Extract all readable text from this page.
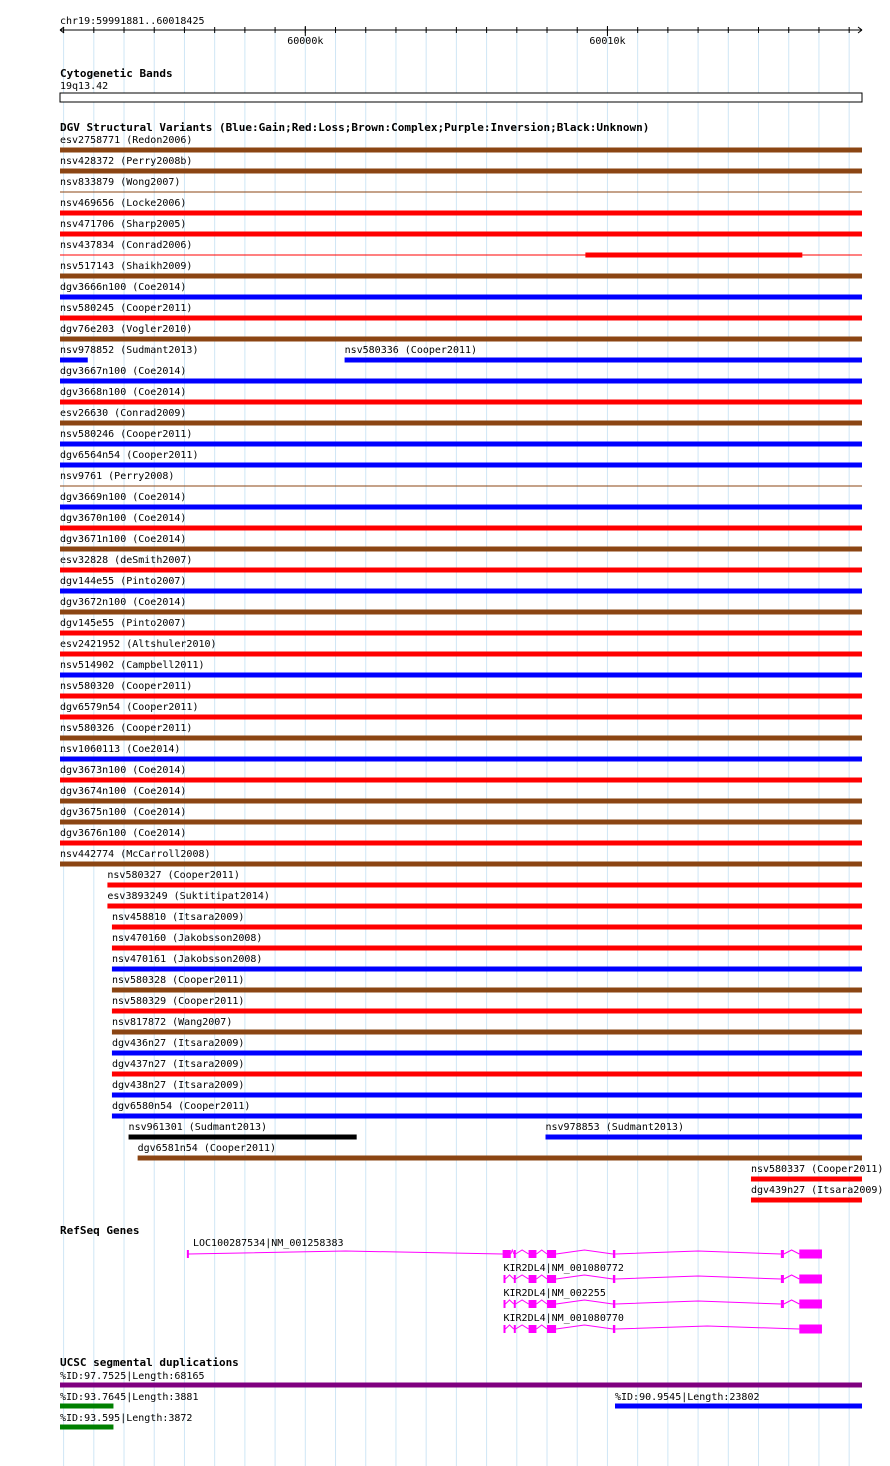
chr19:59991881..60018425
60000k	60010k
Cytogenetic Bands
19q13.42
DGV Structural Variants (Blue:Gain;Red:Loss;Brown:Complex;Purple:Inversion;Black:Unknown)
esv2758771 (Redon2006)
nsv428372 (Perry2008b)
nsv833879 (Wong2007)
nsv469656 (Locke2006)
nsv471706 (Sharp2005)
nsv437834 (Conrad2006)
nsv517143 (Shaikh2009)
dgv3666n100 (Coe2014)
nsv580245 (Cooper2011)
dgv76e203 (Vogler2010)
nsv978852 (Sudmant2013)	nsv580336 (Cooper2011)
dgv3667n100 (Coe2014)
dgv3668n100 (Coe2014)
esv26630 (Conrad2009)
nsv580246 (Cooper2011)
dgv6564n54 (Cooper2011)
nsv9761 (Perry2008)
dgv3669n100 (Coe2014)
dgv3670n100 (Coe2014)
dgv3671n100 (Coe2014)
esv32828 (deSmith2007)
dgv144e55 (Pinto2007)
dgv3672n100 (Coe2014)
dgv145e55 (Pinto2007)
esv2421952 (Altshuler2010)
nsv514902 (Campbell2011)
nsv580320 (Cooper2011)
dgv6579n54 (Cooper2011)
nsv580326 (Cooper2011)
nsv1060113 (Coe2014)
dgv3673n100 (Coe2014)
dgv3674n100 (Coe2014)
dgv3675n100 (Coe2014)
dgv3676n100 (Coe2014)
nsv442774 (McCarroll2008)
nsv580327 (Cooper2011)
esv3893249 (Suktitipat2014)
nsv458810 (Itsara2009)
nsv470160 (Jakobsson2008)
nsv470161 (Jakobsson2008)
nsv580328 (Cooper2011)
nsv580329 (Cooper2011)
nsv817872 (Wang2007)
dgv436n27 (Itsara2009)
dgv437n27 (Itsara2009)
dgv438n27 (Itsara2009)
dgv6580n54 (Cooper2011)
nsv961301 (Sudmant2013)	nsv978853 (Sudmant2013)
dgv6581n54 (Cooper2011)
nsv580337 (Cooper2011)
dgv439n27 (Itsara2009)
RefSeq Genes
LOC100287534|NM_001258383
KIR2DL4|NM_001080772
KIR2DL4|NM_002255
KIR2DL4|NM_001080770
UCSC segmental duplications
%ID:97.7525|Length:68165
%ID:93.7645|Length:3881	%ID:90.9545|Length:23802
%ID:93.595|Length:3872
